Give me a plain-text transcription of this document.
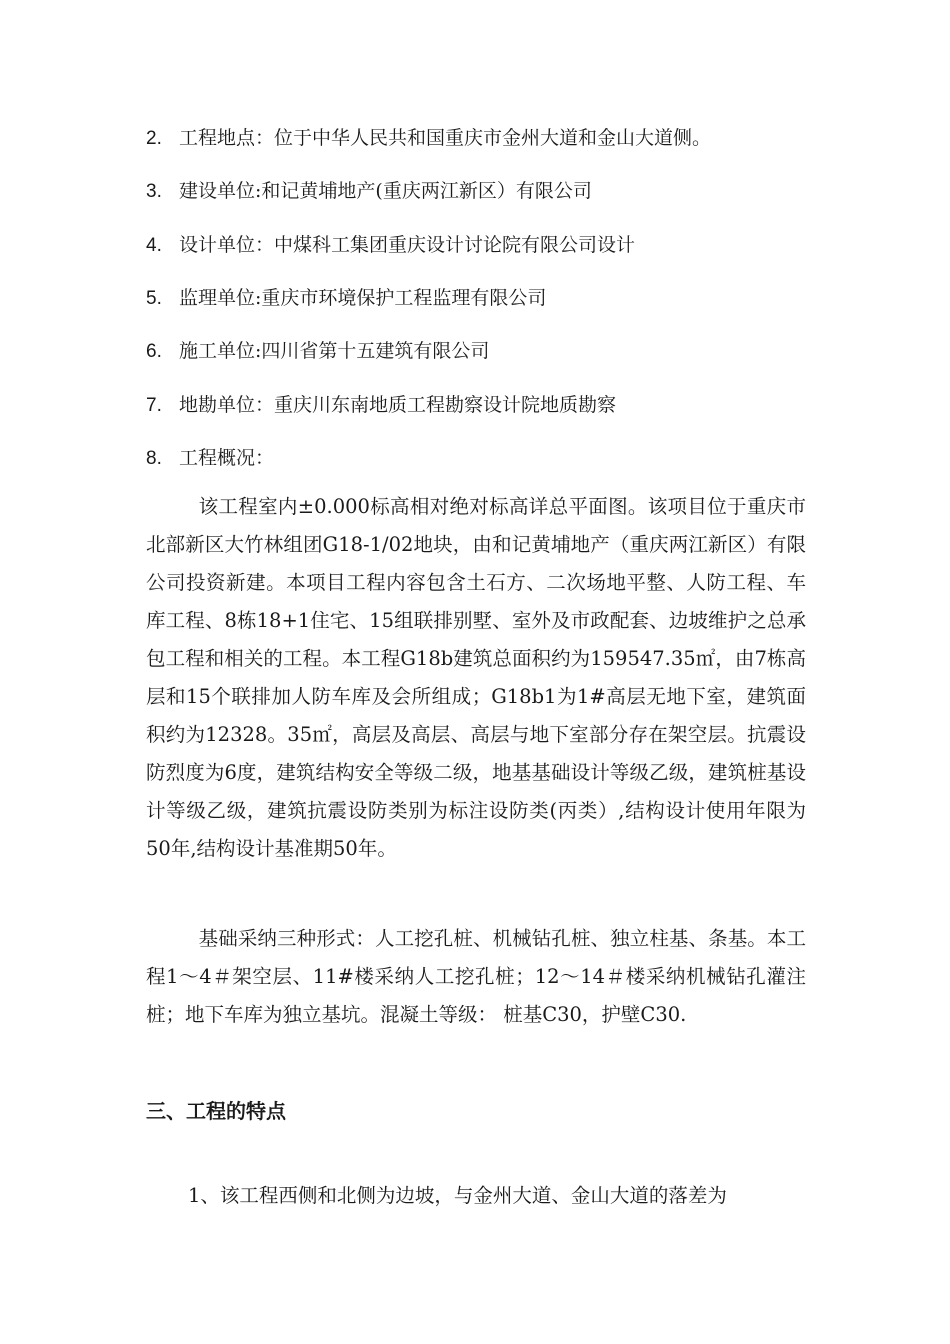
2. 工程地点：位于中华人民共和国重庆市金州大道和金山大道侧。
3. 建设单位:和记黄埔地产(重庆两江新区）有限公司
4. 设计单位：中煤科工集团重庆设计讨论院有限公司设计
5. 监理单位:重庆市环境保护工程监理有限公司
6. 施工单位:四川省第十五建筑有限公司
7. 地勘单位：重庆川东南地质工程勘察设计院地质勘察
8. 工程概况：

该工程室内±0.000标高相对绝对标高详总平面图。该项目位于重庆市北部新区大竹林组团G18-1/02地块，由和记黄埔地产（重庆两江新区）有限公司投资新建。本项目工程内容包含土石方、二次场地平整、人防工程、车库工程、8栋18+1住宅、15组联排别墅、室外及市政配套、边坡维护之总承包工程和相关的工程。本工程G18b建筑总面积约为159547.35㎡，由7栋高层和15个联排加人防车库及会所组成；G18b1为1#高层无地下室，建筑面积约为12328。35㎡，高层及高层、高层与地下室部分存在架空层。抗震设防烈度为6度，建筑结构安全等级二级，地基基础设计等级乙级，建筑桩基设计等级乙级，建筑抗震设防类别为标注设防类(丙类）,结构设计使用年限为50年,结构设计基准期50年。

基础采纳三种形式：人工挖孔桩、机械钻孔桩、独立柱基、条基。本工程1～4＃架空层、11#楼采纳人工挖孔桩；12～14＃楼采纳机械钻孔灌注桩；地下车库为独立基坑。混凝土等级： 桩基C30，护壁C30.

三、工程的特点
1、该工程西侧和北侧为边坡，与金州大道、金山大道的落差为
